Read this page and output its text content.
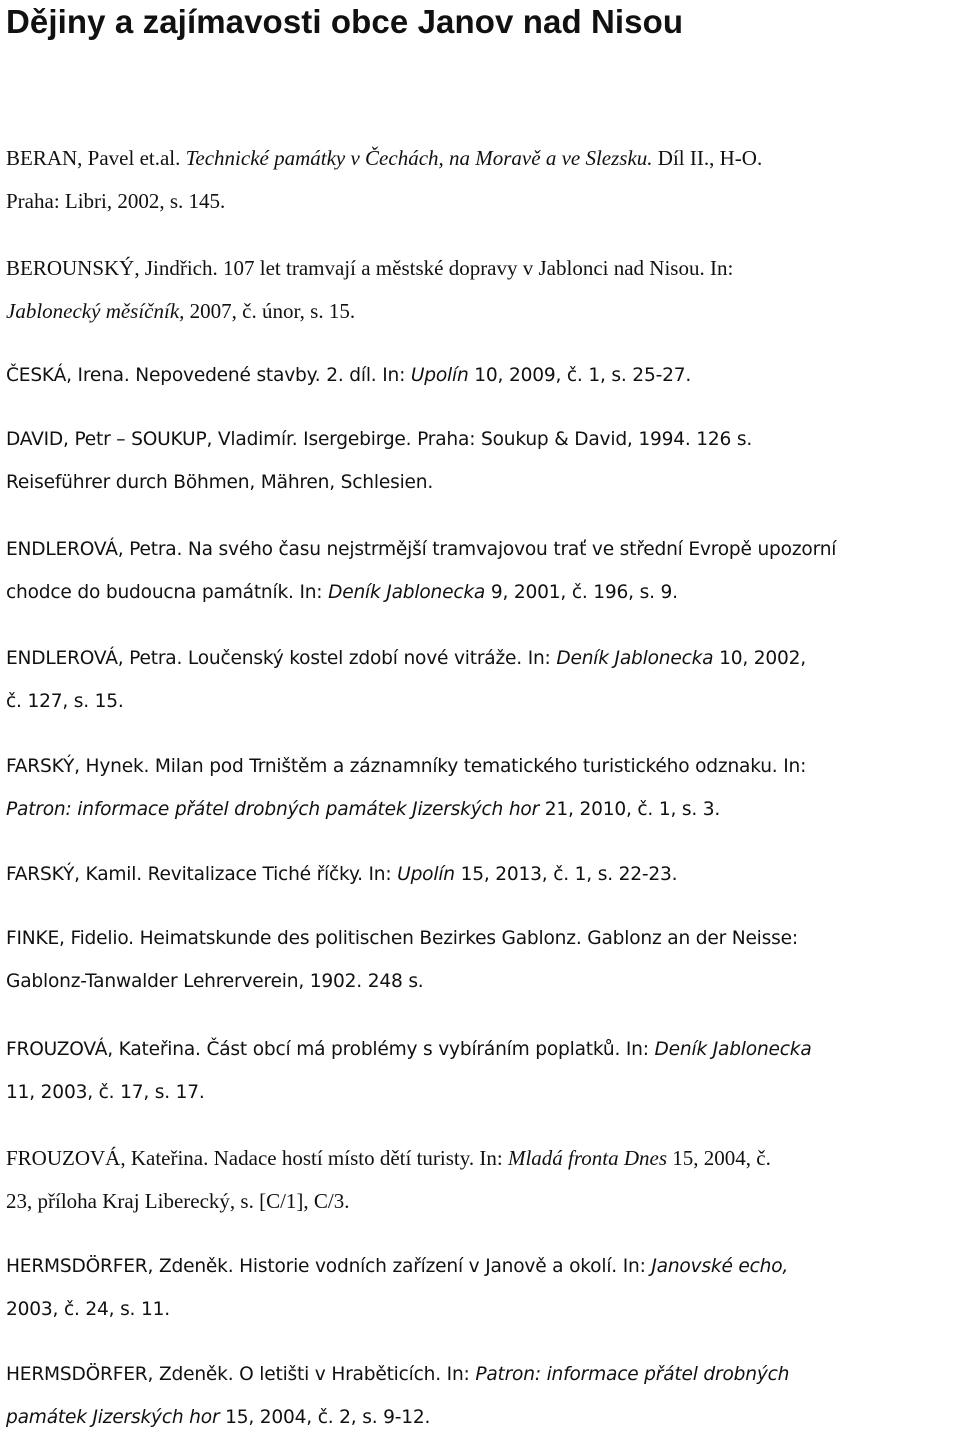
Dějiny a zajímavosti obce Janov nad Nisou

BERAN, Pavel et.al. Technické památky v Čechách, na Moravě a ve Slezsku. Díl II., H-O.
Praha: Libri, 2002, s. 145.

BEROUNSKÝ, Jindřich. 107 let tramvají a městské dopravy v Jablonci nad Nisou. In:
Jablonecký měsíčník, 2007, č. únor, s. 15.

ČESKÁ, Irena. Nepovedené stavby. 2. díl. In: Upolín 10, 2009, č. 1, s. 25-27.

DAVID, Petr – SOUKUP, Vladimír. Isergebirge. Praha: Soukup & David, 1994. 126 s.
Reiseführer durch Böhmen, Mähren, Schlesien.

ENDLEROVÁ, Petra. Na svého času nejstrmější tramvajovou trať ve střední Evropě upozorní
chodce do budoucna památník. In: Deník Jablonecka 9, 2001, č. 196, s. 9.

ENDLEROVÁ, Petra. Loučenský kostel zdobí nové vitráže. In: Deník Jablonecka 10, 2002,
č. 127, s. 15.

FARSKÝ, Hynek. Milan pod Trništěm a záznamníky tematického turistického odznaku. In:
Patron: informace přátel drobných památek Jizerských hor 21, 2010, č. 1, s. 3.

FARSKÝ, Kamil. Revitalizace Tiché říčky. In: Upolín 15, 2013, č. 1, s. 22-23.

FINKE, Fidelio. Heimatskunde des politischen Bezirkes Gablonz. Gablonz an der Neisse:
Gablonz-Tanwalder Lehrerverein, 1902. 248 s.

FROUZOVÁ, Kateřina. Část obcí má problémy s vybíráním poplatků. In: Deník Jablonecka
11, 2003, č. 17, s. 17.

FROUZOVÁ, Kateřina. Nadace hostí místo dětí turisty. In: Mladá fronta Dnes 15, 2004, č.
23, příloha Kraj Liberecký, s. [C/1], C/3.

HERMSDÖRFER, Zdeněk. Historie vodních zařízení v Janově a okolí. In: Janovské echo,
2003, č. 24, s. 11.

HERMSDÖRFER, Zdeněk. O letišti v Hraběticích. In: Patron: informace přátel drobných
památek Jizerských hor 15, 2004, č. 2, s. 9-12.
